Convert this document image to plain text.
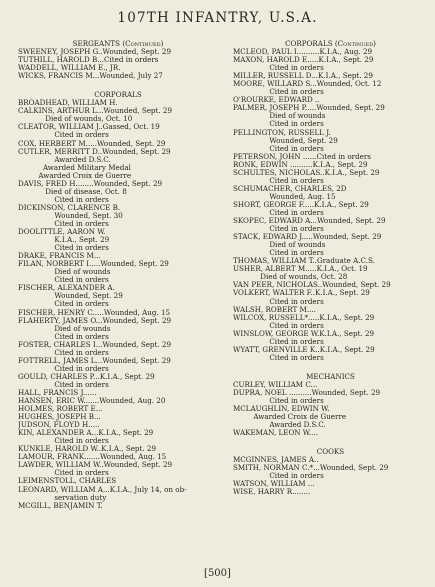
107TH INFANTRY, U.S.A.
SERGEANTS (Continued)
SWEENEY, JOSEPH G..Wounded, Sept. 29
TUTHILL, HAROLD B...Cited in orders
WADDELL, WILLIAM E., JR.
WICKS, FRANCIS M...Wounded, July 27
CORPORALS
BROADHEAD, WILLIAM H.
CALKINS, ARTHUR L...Wounded, Sept. 29
Died of wounds, Oct. 10
CLEATOR, WILLIAM J..Gassed, Oct. 19
Cited in orders
COX, HERBERT M.....Wounded, Sept. 29
CUTLER, MERRITT D..Wounded, Sept. 29
Awarded D.S.C.
Awarded Military Medal
Awarded Croix de Guerre
DAVIS, FRED H........Wounded, Sept. 29
Died of disease, Oct. 8
Cited in orders
DICKINSON, CLARENCE B.
Wounded, Sept. 30
Cited in orders
DOOLITTLE, AARON W.
K.I.A., Sept. 29
Cited in orders
DRAKE, FRANCIS M...
FILAN, NORBERT I.....Wounded, Sept. 29
Died of wounds
Cited in orders
FISCHER, ALEXANDER A.
Wounded, Sept. 29
Cited in orders
FISCHER, HENRY C.....Wounded, Aug. 15
FLAHERTY, JAMES O...Wounded, Sept. 29
Died of wounds
Cited in orders
FOSTER, CHARLES I...Wounded, Sept. 29
Cited in orders
FOTTRELL, JAMES L...Wounded, Sept. 29
Cited in orders
GOULD, CHARLES P...K.I.A., Sept. 29
Cited in orders
HALL, FRANCIS J......
HANSEN, ERIC W.......Wounded, Aug. 20
HOLMES, ROBERT E...
HUGHES, JOSEPH B...
JUDSON, FLOYD H.....
KIN, ALEXANDER A...K.I.A., Sept. 29
Cited in orders
KUNKLE, HAROLD W..K.I.A., Sept. 29
LAMOUR, FRANK.......Wounded, Aug. 15
LAWDER, WILLIAM W..Wounded, Sept. 29
Cited in orders
LEIMENSTOLL, CHARLES
LEONARD, WILLIAM A...K.I.A., July 14, on ob-
servation duty
MCGILL, BENJAMIN T.
CORPORALS (Continued)
MCLEOD, PAUL I..........K.I.A., Aug. 29
MAXON, HAROLD E.....K.I.A., Sept. 29
Cited in orders
MILLER, RUSSELL D...K.I.A., Sept. 29
MOORE, WILLARD S...Wounded, Oct. 12
Cited in orders
O'ROURKE, EDWARD ..
PALMER, JOSEPH P.....Wounded, Sept. 29
Died of wounds
Cited in orders
PELLINGTON, RUSSELL J.
Wounded, Sept. 29
Cited in orders
PETERSON, JOHN ......Cited in orders
RONK, EDWIN ..........K.I.A., Sept. 29
SCHULTES, NICHOLAS..K.I.A., Sept. 29
Cited in orders
SCHUMACHER, CHARLES, 2D
Wounded, Aug. 15
SHORT, GEORGE F.....K.I.A., Sept. 29
Cited in orders
SKOPEC, EDWARD A...Wounded, Sept. 29
Cited in orders
STACK, EDWARD J.....Wounded, Sept. 29
Died of wounds
Cited in orders
THOMAS, WILLIAM T..Graduate A.C.S.
USHER, ALBERT M.....K.I.A., Oct. 19
Died of wounds, Oct. 28
VAN PEER, NICHOLAS..Wounded, Sept. 29
VOLKERT, WALTER F..K.I.A., Sept. 29
Cited in orders
WALSH, ROBERT M....
WILCOX, RUSSELL*.....K.I.A., Sept. 29
Cited in orders
WINSLOW, GEORGE W.K.I.A., Sept. 29
Cited in orders
WYATT, GRENVILLE K..K.I.A., Sept. 29
Cited in orders
MECHANICS
CURLEY, WILLIAM C...
DUPRA, NOEL ..........Wounded, Sept. 29
Cited in orders
MCLAUGHLIN, EDWIN W.
Awarded Croix de Guerre
Awarded D.S.C.
WAKEMAN, LEON W....
COOKS
MCGINNES, JAMES A..
SMITH, NORMAN C.*...Wounded, Sept. 29
Cited in orders
WATSON, WILLIAM ...
WISE, HARRY R........
[500]
